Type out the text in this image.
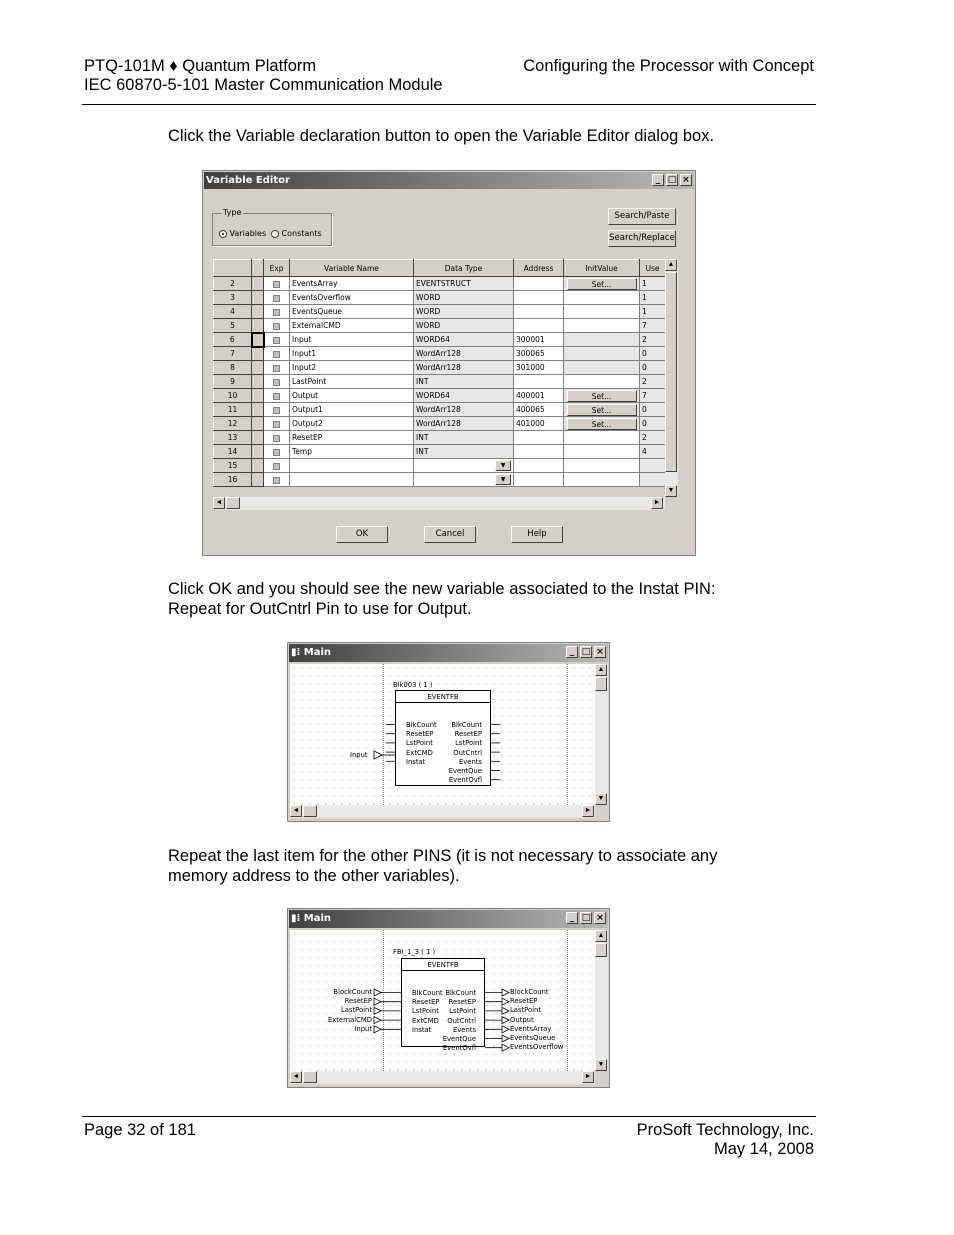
PTQ-101M ♦ Quantum Platform
IEC 60870-5-101 Master Communication Module
Configuring the Processor with Concept
Click the Variable declaration button to open the Variable Editor dialog box.
Variable Editor	_ □ ×
Type
Variables	Constants
Search/Paste
Search/Replace
		Exp	Variable Name	Data Type	Address	InitValue	Use
2			EventsArray	EVENTSTRUCT		Set...	1
3			EventsOverflow	WORD			1
4			EventsQueue	WORD			1
5			ExternalCMD	WORD			7
6			Input	WORD64	300001		2
7			Input1	WordArr128	300065		0
8			Input2	WordArr128	301000		0
9			LastPoint	INT			2
10			Output	WORD64	400001	Set...	7
11			Output1	WordArr128	400065	Set...	0
12			Output2	WordArr128	401000	Set...	0
13			ResetEP	INT			2
14			Temp	INT			4
15				▼			

16				▼			

▲
▼
◄	►
OK	Cancel	Help
Click OK and you should see the new variable associated to the Instat PIN:
Repeat for OutCntrl Pin to use for Output.
▮⁞ Main	_ □ ×
Blk003 ( 1 )
EVENTFB
BlkCount
ResetEP
LstPoint
ExtCMD
Instat
BlkCount
ResetEP
LstPoint
OutCntrl
Events
EventQue
EventOvfl
Input
▲
▼
◄	►
Repeat the last item for the other PINS (it is not necessary to associate any
memory address to the other variables).
▮⁞ Main	_ □ ×
FBI_1_3 ( 1 )
EVENTFB
BlkCount
ResetEP
LstPoint
ExtCMD
Instat
BlkCount
ResetEP
LstPoint
OutCntrl
Events
EventQue
EventOvfl
BlockCount
ResetEP
LastPoint
ExternalCMD
Input
BlockCount
ResetEP
LastPoint
Output
EventsArray
EventsQueue
EventsOverflow
▲
▼
◄	►
Page 32 of 181	ProSoft Technology, Inc.
May 14, 2008
